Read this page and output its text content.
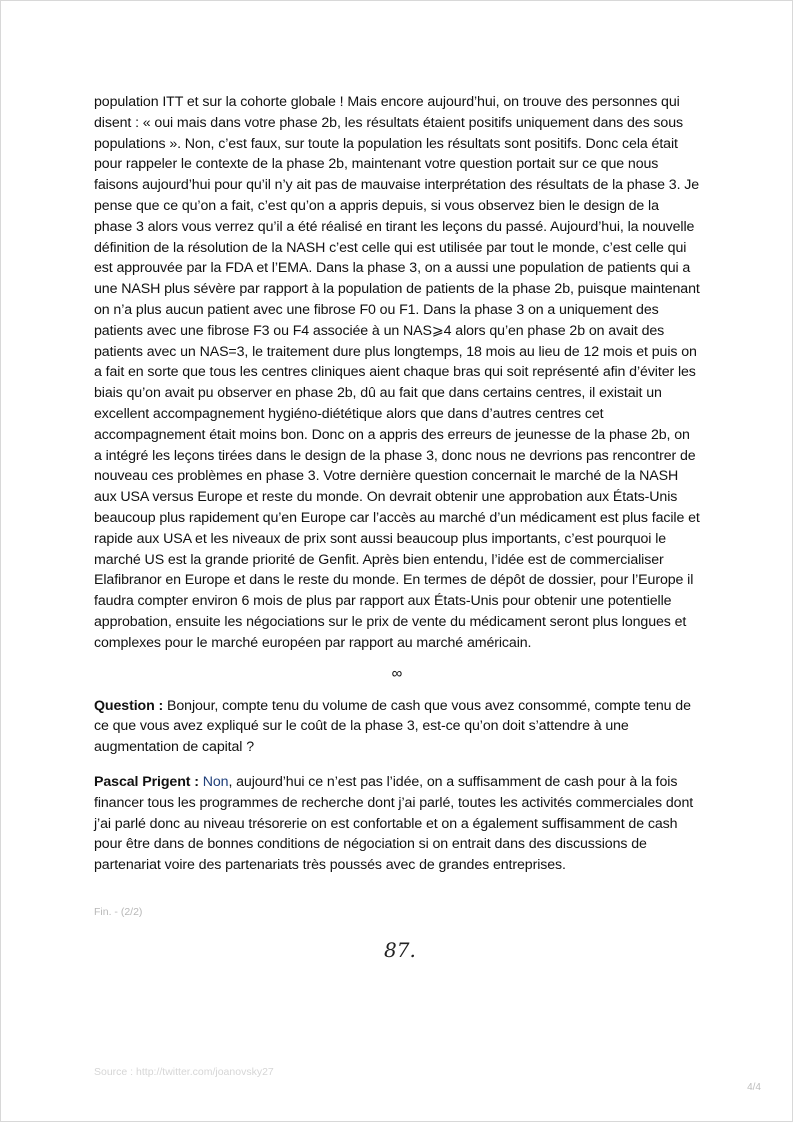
population ITT et sur la cohorte globale ! Mais encore aujourd’hui, on trouve des personnes qui disent : « oui mais dans votre phase 2b, les résultats étaient positifs uniquement dans des sous populations ». Non, c’est faux, sur toute la population les résultats sont positifs. Donc cela était pour rappeler le contexte de la phase 2b, maintenant votre question portait sur ce que nous faisons aujourd’hui pour qu’il n’y ait pas de mauvaise interprétation des résultats de la phase 3. Je pense que ce qu’on a fait, c’est qu’on a appris depuis, si vous observez bien le design de la phase 3 alors vous verrez qu’il a été réalisé en tirant les leçons du passé. Aujourd’hui, la nouvelle définition de la résolution de la NASH c’est celle qui est utilisée par tout le monde, c’est celle qui est approuvée par la FDA et l’EMA. Dans la phase 3, on a aussi une population de patients qui a une NASH plus sévère par rapport à la population de patients de la phase 2b, puisque maintenant on n’a plus aucun patient avec une fibrose F0 ou F1. Dans la phase 3 on a uniquement des patients avec une fibrose F3 ou F4 associée à un NAS⩾4 alors qu’en phase 2b on avait des patients avec un NAS=3, le traitement dure plus longtemps, 18 mois au lieu de 12 mois et puis on a fait en sorte que tous les centres cliniques aient chaque bras qui soit représenté afin d’éviter les biais qu’on avait pu observer en phase 2b, dû au fait que dans certains centres, il existait un excellent accompagnement hygiéno-diététique alors que dans d’autres centres cet accompagnement était moins bon. Donc on a appris des erreurs de jeunesse de la phase 2b, on a intégré les leçons tirées dans le design de la phase 3, donc nous ne devrions pas rencontrer de nouveau ces problèmes en phase 3. Votre dernière question concernait le marché de la NASH aux USA versus Europe et reste du monde. On devrait obtenir une approbation aux États-Unis beaucoup plus rapidement qu’en Europe car l’accès au marché d’un médicament est plus facile et rapide aux USA et les niveaux de prix sont aussi beaucoup plus importants, c’est pourquoi le marché US est la grande priorité de Genfit. Après bien entendu, l’idée est de commercialiser Elafibranor en Europe et dans le reste du monde. En termes de dépôt de dossier, pour l’Europe il faudra compter environ 6 mois de plus par rapport aux États-Unis pour obtenir une potentielle approbation, ensuite les négociations sur le prix de vente du médicament seront plus longues et complexes pour le marché européen par rapport au marché américain.

∞

Question : Bonjour, compte tenu du volume de cash que vous avez consommé, compte tenu de ce que vous avez expliqué sur le coût de la phase 3, est-ce qu’on doit s’attendre à une augmentation de capital ?

Pascal Prigent : Non, aujourd’hui ce n’est pas l’idée, on a suffisamment de cash pour à la fois financer tous les programmes de recherche dont j’ai parlé, toutes les activités commerciales dont j’ai parlé donc au niveau trésorerie on est confortable et on a également suffisamment de cash pour être dans de bonnes conditions de négociation si on entrait dans des discussions de partenariat voire des partenariats très poussés avec de grandes entreprises.

Fin. - (2/2)
87.
Source : http://twitter.com/joanovsky27
4/4
